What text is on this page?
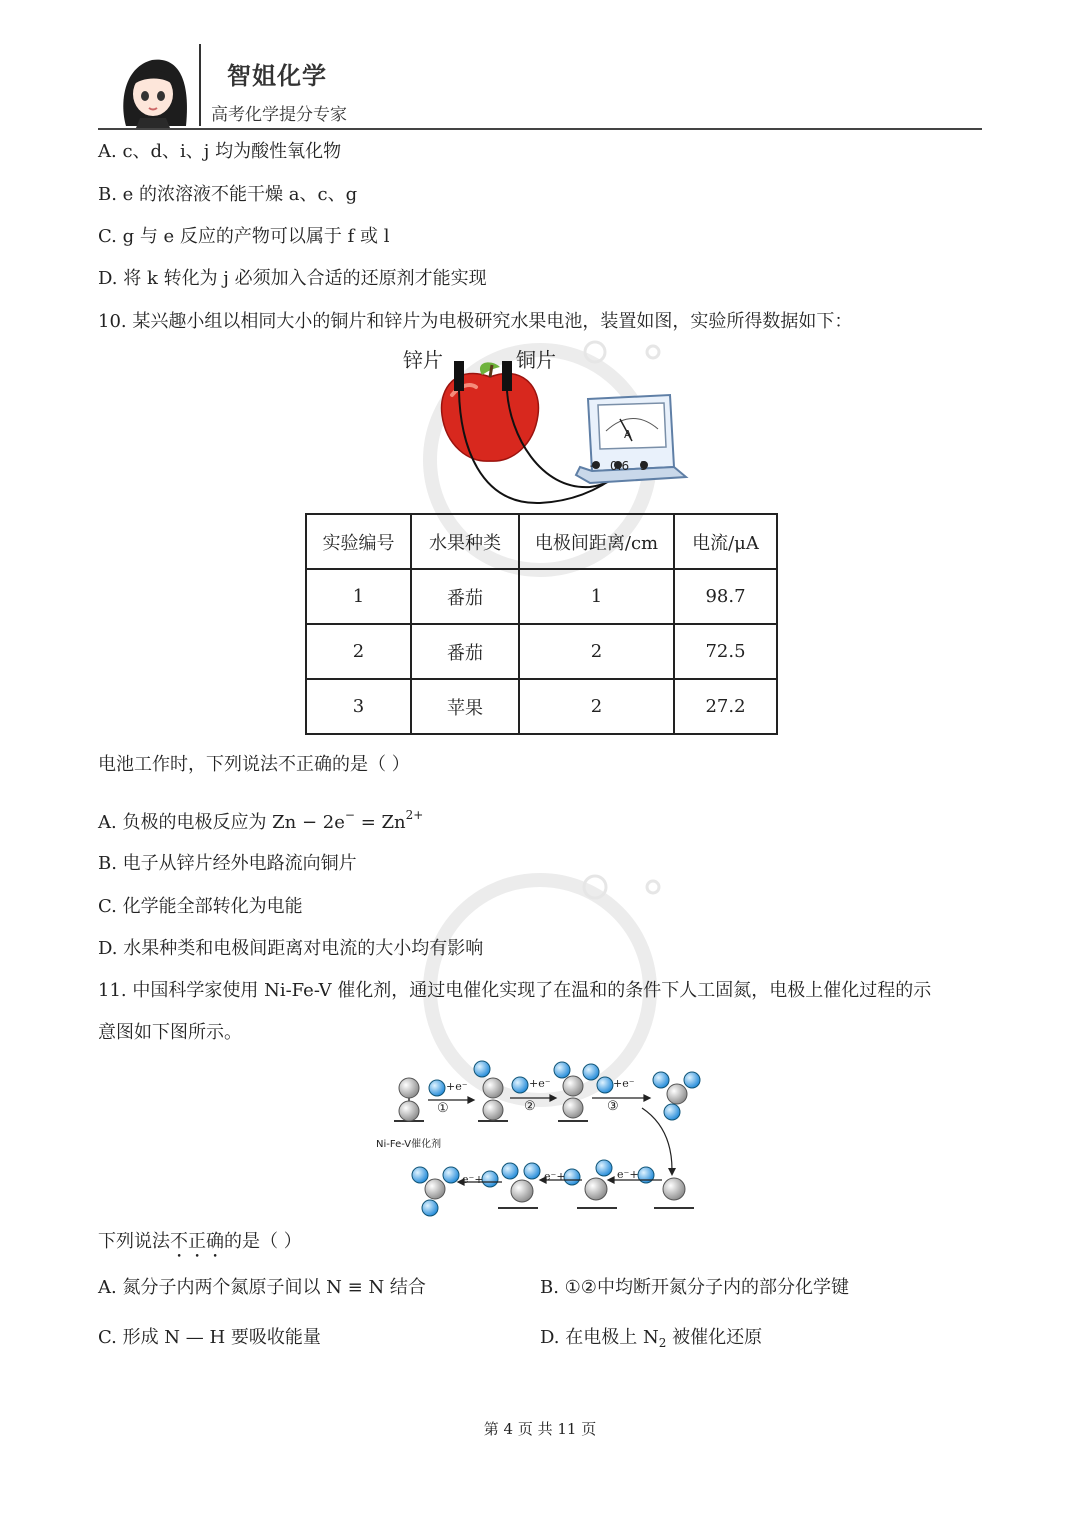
智姐化学
高考化学提分专家
A. c、d、i、j 均为酸性氧化物
B. e 的浓溶液不能干燥 a、c、g
C. g 与 e 反应的产物可以属于 f 或 l
D. 将 k 转化为 j 必须加入合适的还原剂才能实现
10. 某兴趣小组以相同大小的铜片和锌片为电极研究水果电池，装置如图，实验所得数据如下：
锌片	铜片
A
− 0.6 3
实验编号	水果种类	电极间距离/cm	电流/μA
1	番茄	1	98.7
2	番茄	2	72.5
3	苹果	2	27.2
电池工作时，下列说法不正确的是（ ）
A. 负极的电极反应为 $Zn - 2e^- = Zn^{2+}$
B. 电子从锌片经外电路流向铜片
C. 化学能全部转化为电能
D. 水果种类和电极间距离对电流的大小均有影响
11. 中国科学家使用 Ni-Fe-V 催化剂，通过电催化实现了在温和的条件下人工固氮，电极上催化过程的示
意图如下图所示。
Ni-Fe-V催化剂
①	②	③
+e⁻	+e⁻	+e⁻
e⁻+
e⁻+
e⁻+
下列说法不正确的是（ ）
A. 氮分子内两个氮原子间以 N ≡ N 结合	B. ①②中均断开氮分子内的部分化学键
C. 形成 N — H 要吸收能量	D. 在电极上 $N_2$ 被催化还原
第 4 页 共 11 页
